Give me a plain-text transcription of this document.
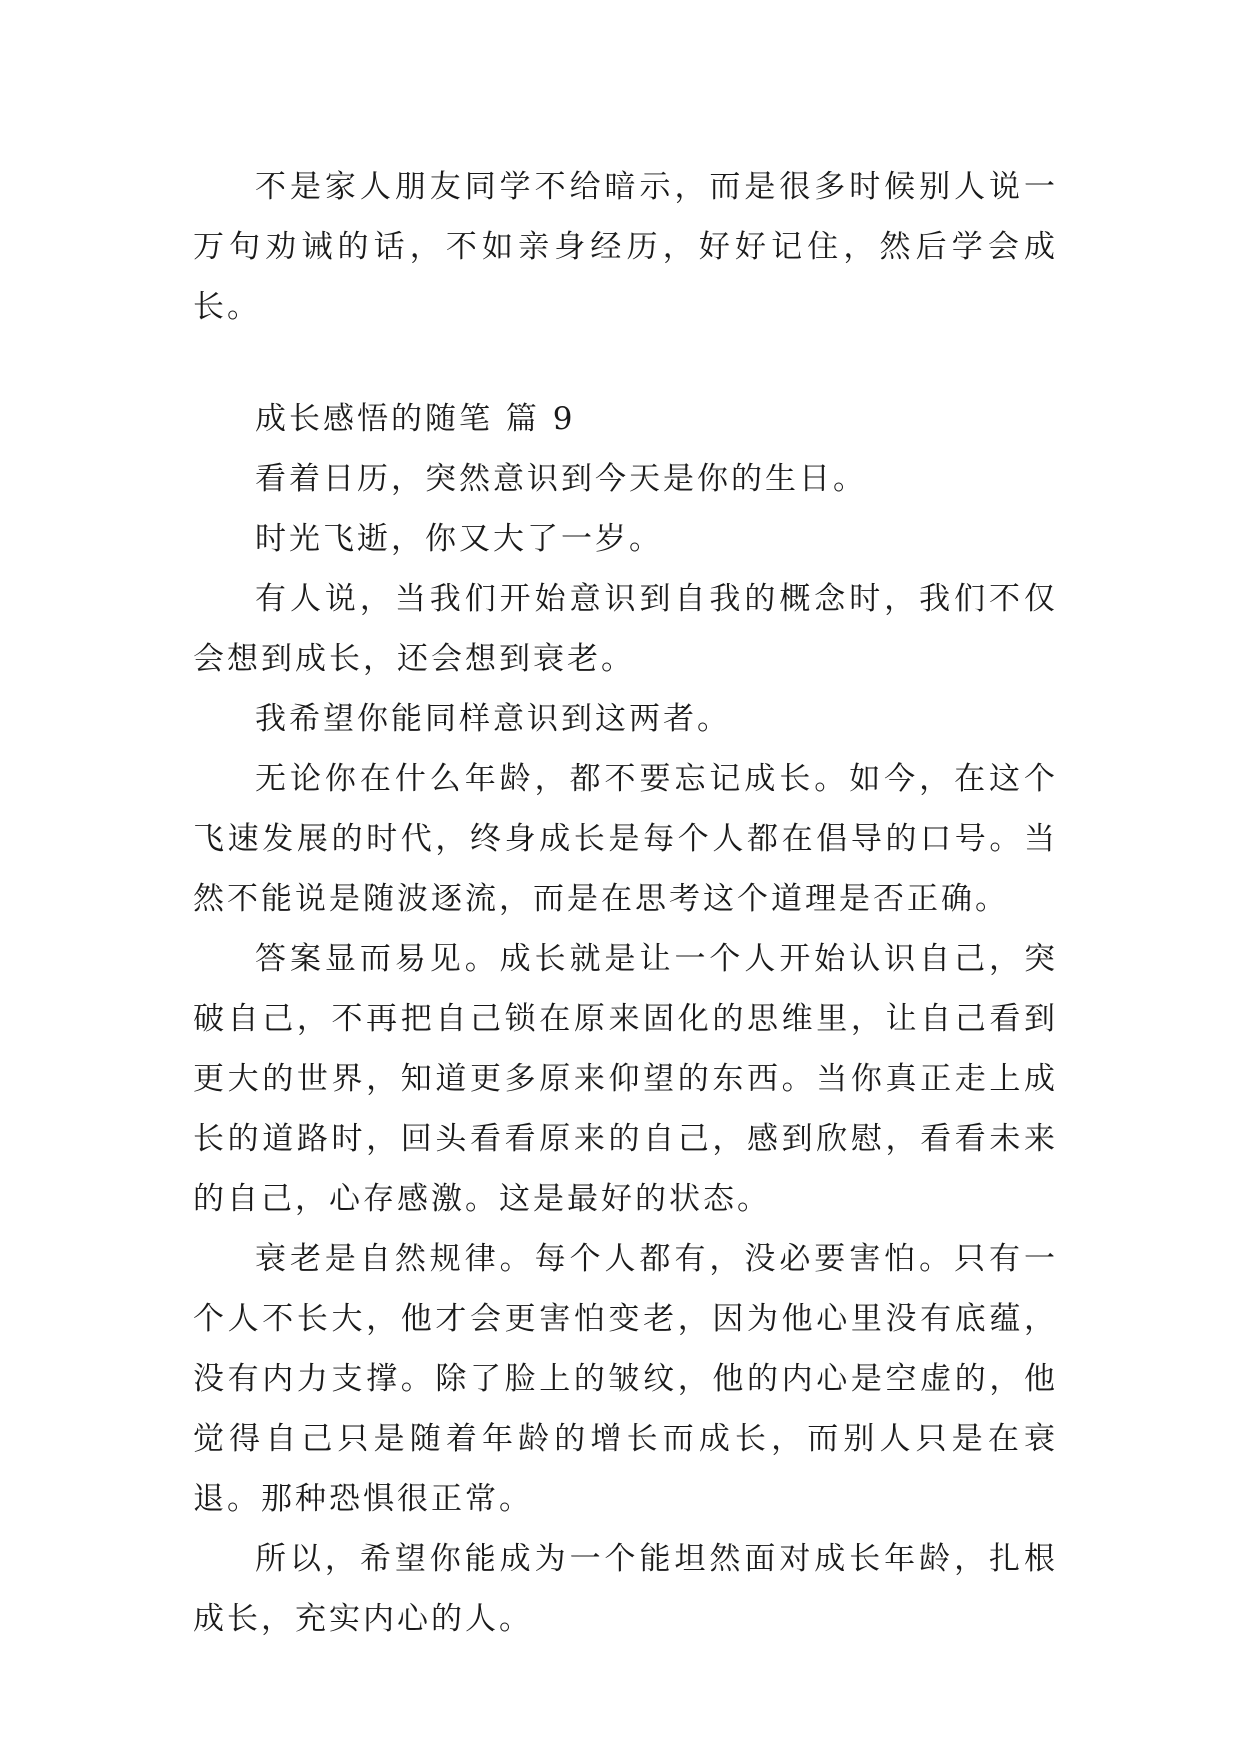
不是家人朋友同学不给暗示，而是很多时候别人说一万句劝诫的话，不如亲身经历，好好记住，然后学会成长。

成长感悟的随笔 篇 9

看着日历，突然意识到今天是你的生日。

时光飞逝，你又大了一岁。

有人说，当我们开始意识到自我的概念时，我们不仅会想到成长，还会想到衰老。

我希望你能同样意识到这两者。

无论你在什么年龄，都不要忘记成长。如今，在这个飞速发展的时代，终身成长是每个人都在倡导的口号。当然不能说是随波逐流，而是在思考这个道理是否正确。

答案显而易见。成长就是让一个人开始认识自己，突破自己，不再把自己锁在原来固化的思维里，让自己看到更大的世界，知道更多原来仰望的东西。当你真正走上成长的道路时，回头看看原来的自己，感到欣慰，看看未来的自己，心存感激。这是最好的状态。

衰老是自然规律。每个人都有，没必要害怕。只有一个人不长大，他才会更害怕变老，因为他心里没有底蕴，没有内力支撑。除了脸上的皱纹，他的内心是空虚的，他觉得自己只是随着年龄的增长而成长，而别人只是在衰退。那种恐惧很正常。

所以，希望你能成为一个能坦然面对成长年龄，扎根成长，充实内心的人。
